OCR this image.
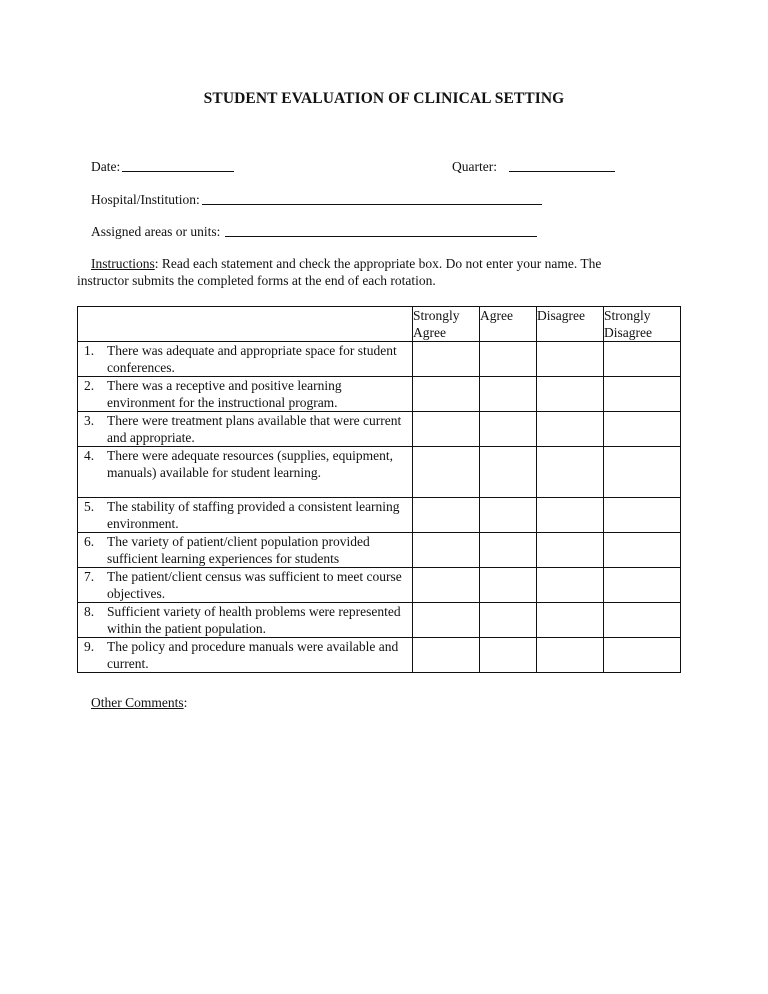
STUDENT EVALUATION OF CLINICAL SETTING
Date:	Quarter:
Hospital/Institution:
Assigned areas or units:
Instructions: Read each statement and check the appropriate box. Do not enter your name. The
instructor submits the completed forms at the end of each rotation.
	Strongly Agree	Agree	Disagree	Strongly Disagree

1. There was adequate and appropriate space for student conferences.				

2. There was a receptive and positive learning environment for the instructional program.				

3. There were treatment plans available that were current and appropriate.				

4. There were adequate resources (supplies, equipment, manuals) available for student learning.				

5. The stability of staffing provided a consistent learning environment.				

6. The variety of patient/client population provided sufficient learning experiences for students				

7. The patient/client census was sufficient to meet course objectives.				

8. Sufficient variety of health problems were represented within the patient population.				

9. The policy and procedure manuals were available and current.				

Other Comments:
